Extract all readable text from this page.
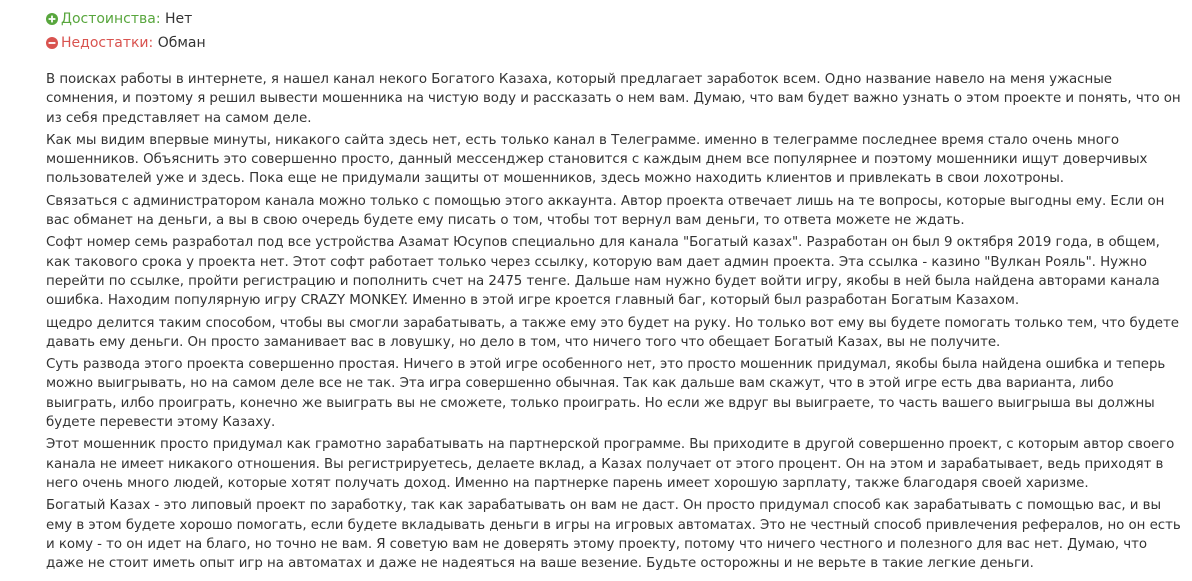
Достоинства:
Нет
Недостатки:
Обман

В поисках работы в интернете, я нашел канал некого Богатого Казаха, который предлагает заработок всем. Одно название навело на меня ужасные сомнения, и поэтому я решил вывести мошенника на чистую воду и рассказать о нем вам. Думаю, что вам будет важно узнать о этом проекте и понять, что он из себя представляет на самом деле.

Как мы видим впервые минуты, никакого сайта здесь нет, есть только канал в Телеграмме. именно в телеграмме последнее время стало очень много мошенников. Объяснить это совершенно просто, данный мессенджер становится с каждым днем все популярнее и поэтому мошенники ищут доверчивых пользователей уже и здесь. Пока еще не придумали защиты от мошенников, здесь можно находить клиентов и привлекать в свои лохотроны.

Связаться с администратором канала можно только с помощью этого аккаунта. Автор проекта отвечает лишь на те вопросы, которые выгодны ему. Если он вас обманет на деньги, а вы в свою очередь будете ему писать о том, чтобы тот вернул вам деньги, то ответа можете не ждать.

Софт номер семь разработал под все устройства Азамат Юсупов специально для канала "Богатый казах". Разработан он был 9 октября 2019 года, в общем, как такового срока у проекта нет. Этот софт работает только через ссылку, которую вам дает админ проекта. Эта ссылка - казино "Вулкан Рояль". Нужно перейти по ссылке, пройти регистрацию и пополнить счет на 2475 тенге. Дальше нам нужно будет войти игру, якобы в ней была найдена авторами канала ошибка. Находим популярную игру CRAZY MONKEY. Именно в этой игре кроется главный баг, который был разработан Богатым Казахом.

щедро делится таким способом, чтобы вы смогли зарабатывать, а также ему это будет на руку. Но только вот ему вы будете помогать только тем, что будете давать ему деньги. Он просто заманивает вас в ловушку, но дело в том, что ничего того что обещает Богатый Казах, вы не получите.

Суть развода этого проекта совершенно простая. Ничего в этой игре особенного нет, это просто мошенник придумал, якобы была найдена ошибка и теперь можно выигрывать, но на самом деле все не так. Эта игра совершенно обычная. Так как дальше вам скажут, что в этой игре есть два варианта, либо выиграть, илбо проиграть, конечно же выиграть вы не сможете, только проиграть. Но если же вдруг вы выиграете, то часть вашего выигрыша вы должны будете перевести этому Казаху.

Этот мошенник просто придумал как грамотно зарабатывать на партнерской программе. Вы приходите в другой совершенно проект, с которым автор своего канала не имеет никакого отношения. Вы регистрируетесь, делаете вклад, а Казах получает от этого процент. Он на этом и зарабатывает, ведь приходят в него очень много людей, которые хотят получать доход. Именно на партнерке парень имеет хорошую зарплату, также благодаря своей харизме.

Богатый Казах - это липовый проект по заработку, так как зарабатывать он вам не даст. Он просто придумал способ как зарабатывать с помощью вас, и вы ему в этом будете хорошо помогать, если будете вкладывать деньги в игры на игровых автоматах. Это не честный способ привлечения рефералов, но он есть и кому - то он идет на благо, но точно не вам. Я советую вам не доверять этому проекту, потому что ничего честного и полезного для вас нет. Думаю, что даже не стоит иметь опыт игр на автоматах и даже не надеяться на ваше везение. Будьте осторожны и не верьте в такие легкие деньги.
